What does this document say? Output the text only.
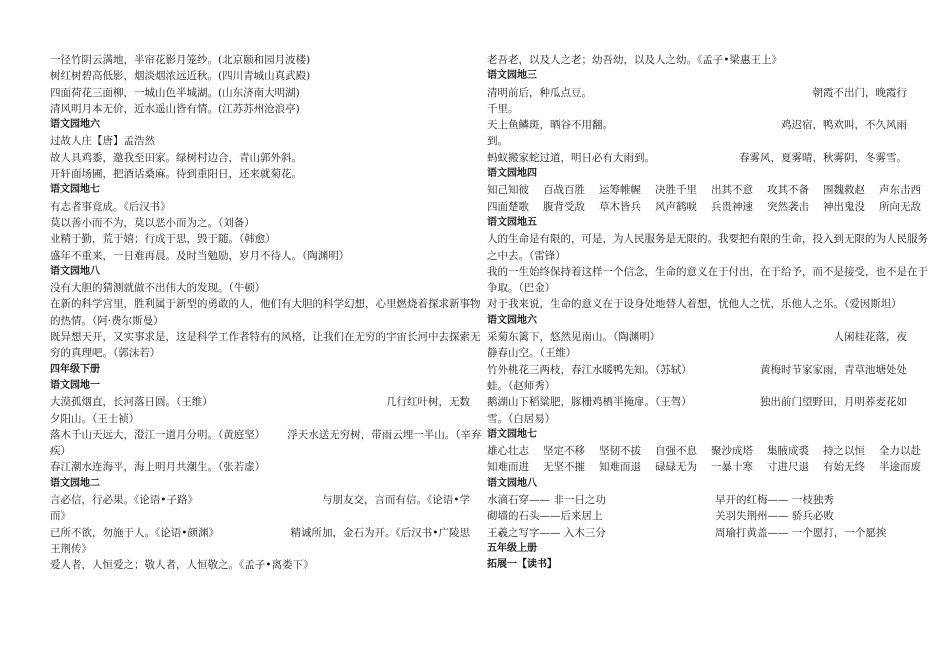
一径竹阴云满地，半帘花影月笼纱。(北京颐和园月波楼)
树红树碧高低影，烟淡烟浓远近秋。(四川青城山真武殿)
四面荷花三面柳，一城山色半城湖。(山东济南大明湖)
清风明月本无价，近水遥山皆有情。(江苏苏州沧浪亭)
语文园地六
过故人庄【唐】孟浩然
故人具鸡黍，邀我至田家。绿树村边合，青山郭外斜。
开轩面场圃，把酒话桑麻。待到重阳日，还来就菊花。
语文园地七
有志者事竟成。《后汉书》
莫以善小而不为，莫以恶小而为之。（刘备）
业精于勤，荒于嬉；行成于思，毁于随。（韩愈）
盛年不重来，一日难再晨。及时当勉励，岁月不待人。（陶渊明）
语文园地八
没有大胆的猜测就做不出伟大的发现。（牛顿）
在新的科学宫里，胜利属于新型的勇敢的人，他们有大胆的科学幻想，心里燃烧着探求新事物
的热情。（阿·费尔斯曼）
既异想天开，又实事求是，这是科学工作者特有的风格，让我们在无穷的宇宙长河中去探索无
穷的真理吧。（郭沫若）
四年级下册
语文园地一
大漠孤烟直，长河落日圆。（王维）	几行红叶树，无数
夕阳山。（王士祯）
落木千山天远大，澄江一道月分明。（黄庭坚） 浮天水送无穷树，带雨云埋一半山。（辛弃
疾）
春江潮水连海平，海上明月共潮生。（张若虚）
语文园地二
言必信，行必果。《论语•子路》	与朋友交，言而有信。《论语•学
而》
已所不欲，勿施于人。《论语•颜渊》	精诚所加，金石为开。《后汉书•广陵思
王荆传》
爱人者，人恒爱之；敬人者，人恒敬之。《孟子•离娄下》
老吾老，以及人之老；幼吾幼，以及人之幼。《孟子•梁惠王上》
语文园地三
清明前后，种瓜点豆。	朝霞不出门，晚霞行
千里。
天上鱼鳞斑，晒谷不用翻。	鸡迟宿，鸭欢叫，不久风雨
到。
蚂蚁搬家蛇过道，明日必有大雨到。	春雾风，夏雾晴，秋雾阴，冬雾雪。
语文园地四
知己知彼 百战百胜 运筹帷幄 决胜千里 出其不意 攻其不备 围魏救赵 声东击西
四面楚歌 腹背受敌 草木皆兵 风声鹤唳 兵贵神速 突然袭击 神出鬼没 所向无敌
语文园地五
人的生命是有限的，可是，为人民服务是无限的。我要把有限的生命，投入到无限的为人民服务
之中去。（雷锋）
我的一生始终保持着这样一个信念，生命的意义在于付出，在于给予，而不是接受，也不是在于
争取。（巴金）
对于我来说，生命的意义在于设身处地替人着想，忧他人之忧，乐他人之乐。（爱因斯坦）
语文园地六
采菊东篱下，悠然见南山。（陶渊明）	人闲桂花落，夜
静春山空。（王维）
竹外桃花三两枝，春江水暖鸭先知。（苏轼）	黄梅时节家家雨，青草池塘处处
蛙。（赵师秀）
鹅湖山下稻粱肥，豚栅鸡栖半掩扉。（王驾）	独出前门望野田，月明荞麦花如
雪。（白居易）
语文园地七
雄心壮志 坚定不移 坚韧不拔 自强不息 聚沙成塔 集腋成裘 持之以恒 全力以赴
知难而进 无坚不摧 知难而退 碌碌无为 一暴十寒 寸进尺退 有始无终 半途而废
语文园地八
水滴石穿—— 非一日之功	早开的红梅—— 一枝独秀
砌墙的石头——后来居上	关羽失荆州—— 骄兵必败
王羲之写字—— 入木三分	周瑜打黄盖—— 一个愿打，一个愿挨
五年级上册
拓展一【读书】
